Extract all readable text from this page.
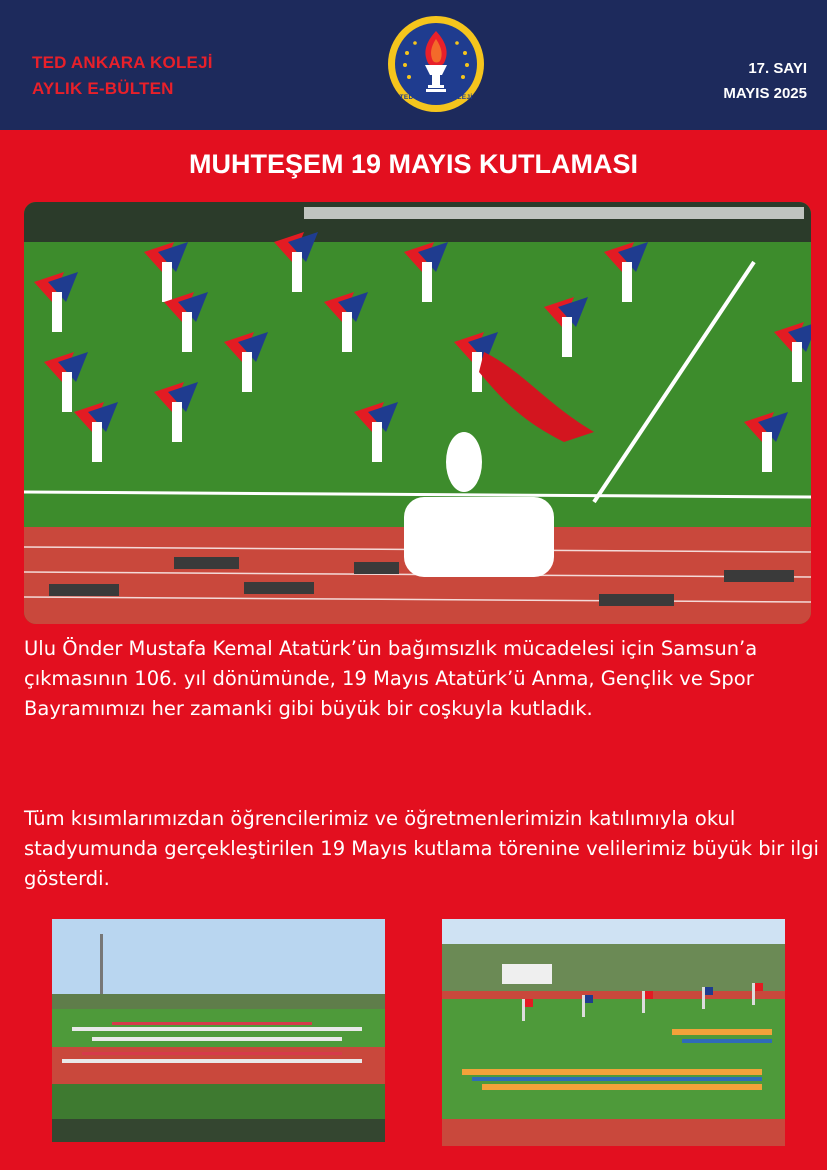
TED ANKARA KOLEJİ
AYLIK E-BÜLTEN	TED ANKARA KOLEJİ
17. SAYI
MAYIS 2025
MUHTEŞEM 19 MAYIS KUTLAMASI

Ulu Önder Mustafa Kemal Atatürk’ün bağımsızlık mücadelesi için Samsun’a çıkmasının 106. yıl dönümünde, 19 Mayıs Atatürk’ü Anma, Gençlik ve Spor Bayramımızı her zamanki gibi büyük bir coşkuyla kutladık.

Tüm kısımlarımızdan öğrencilerimiz ve öğretmenlerimizin katılımıyla okul stadyumunda gerçekleştirilen 19 Mayıs kutlama törenine velilerimiz büyük bir ilgi gösterdi.
